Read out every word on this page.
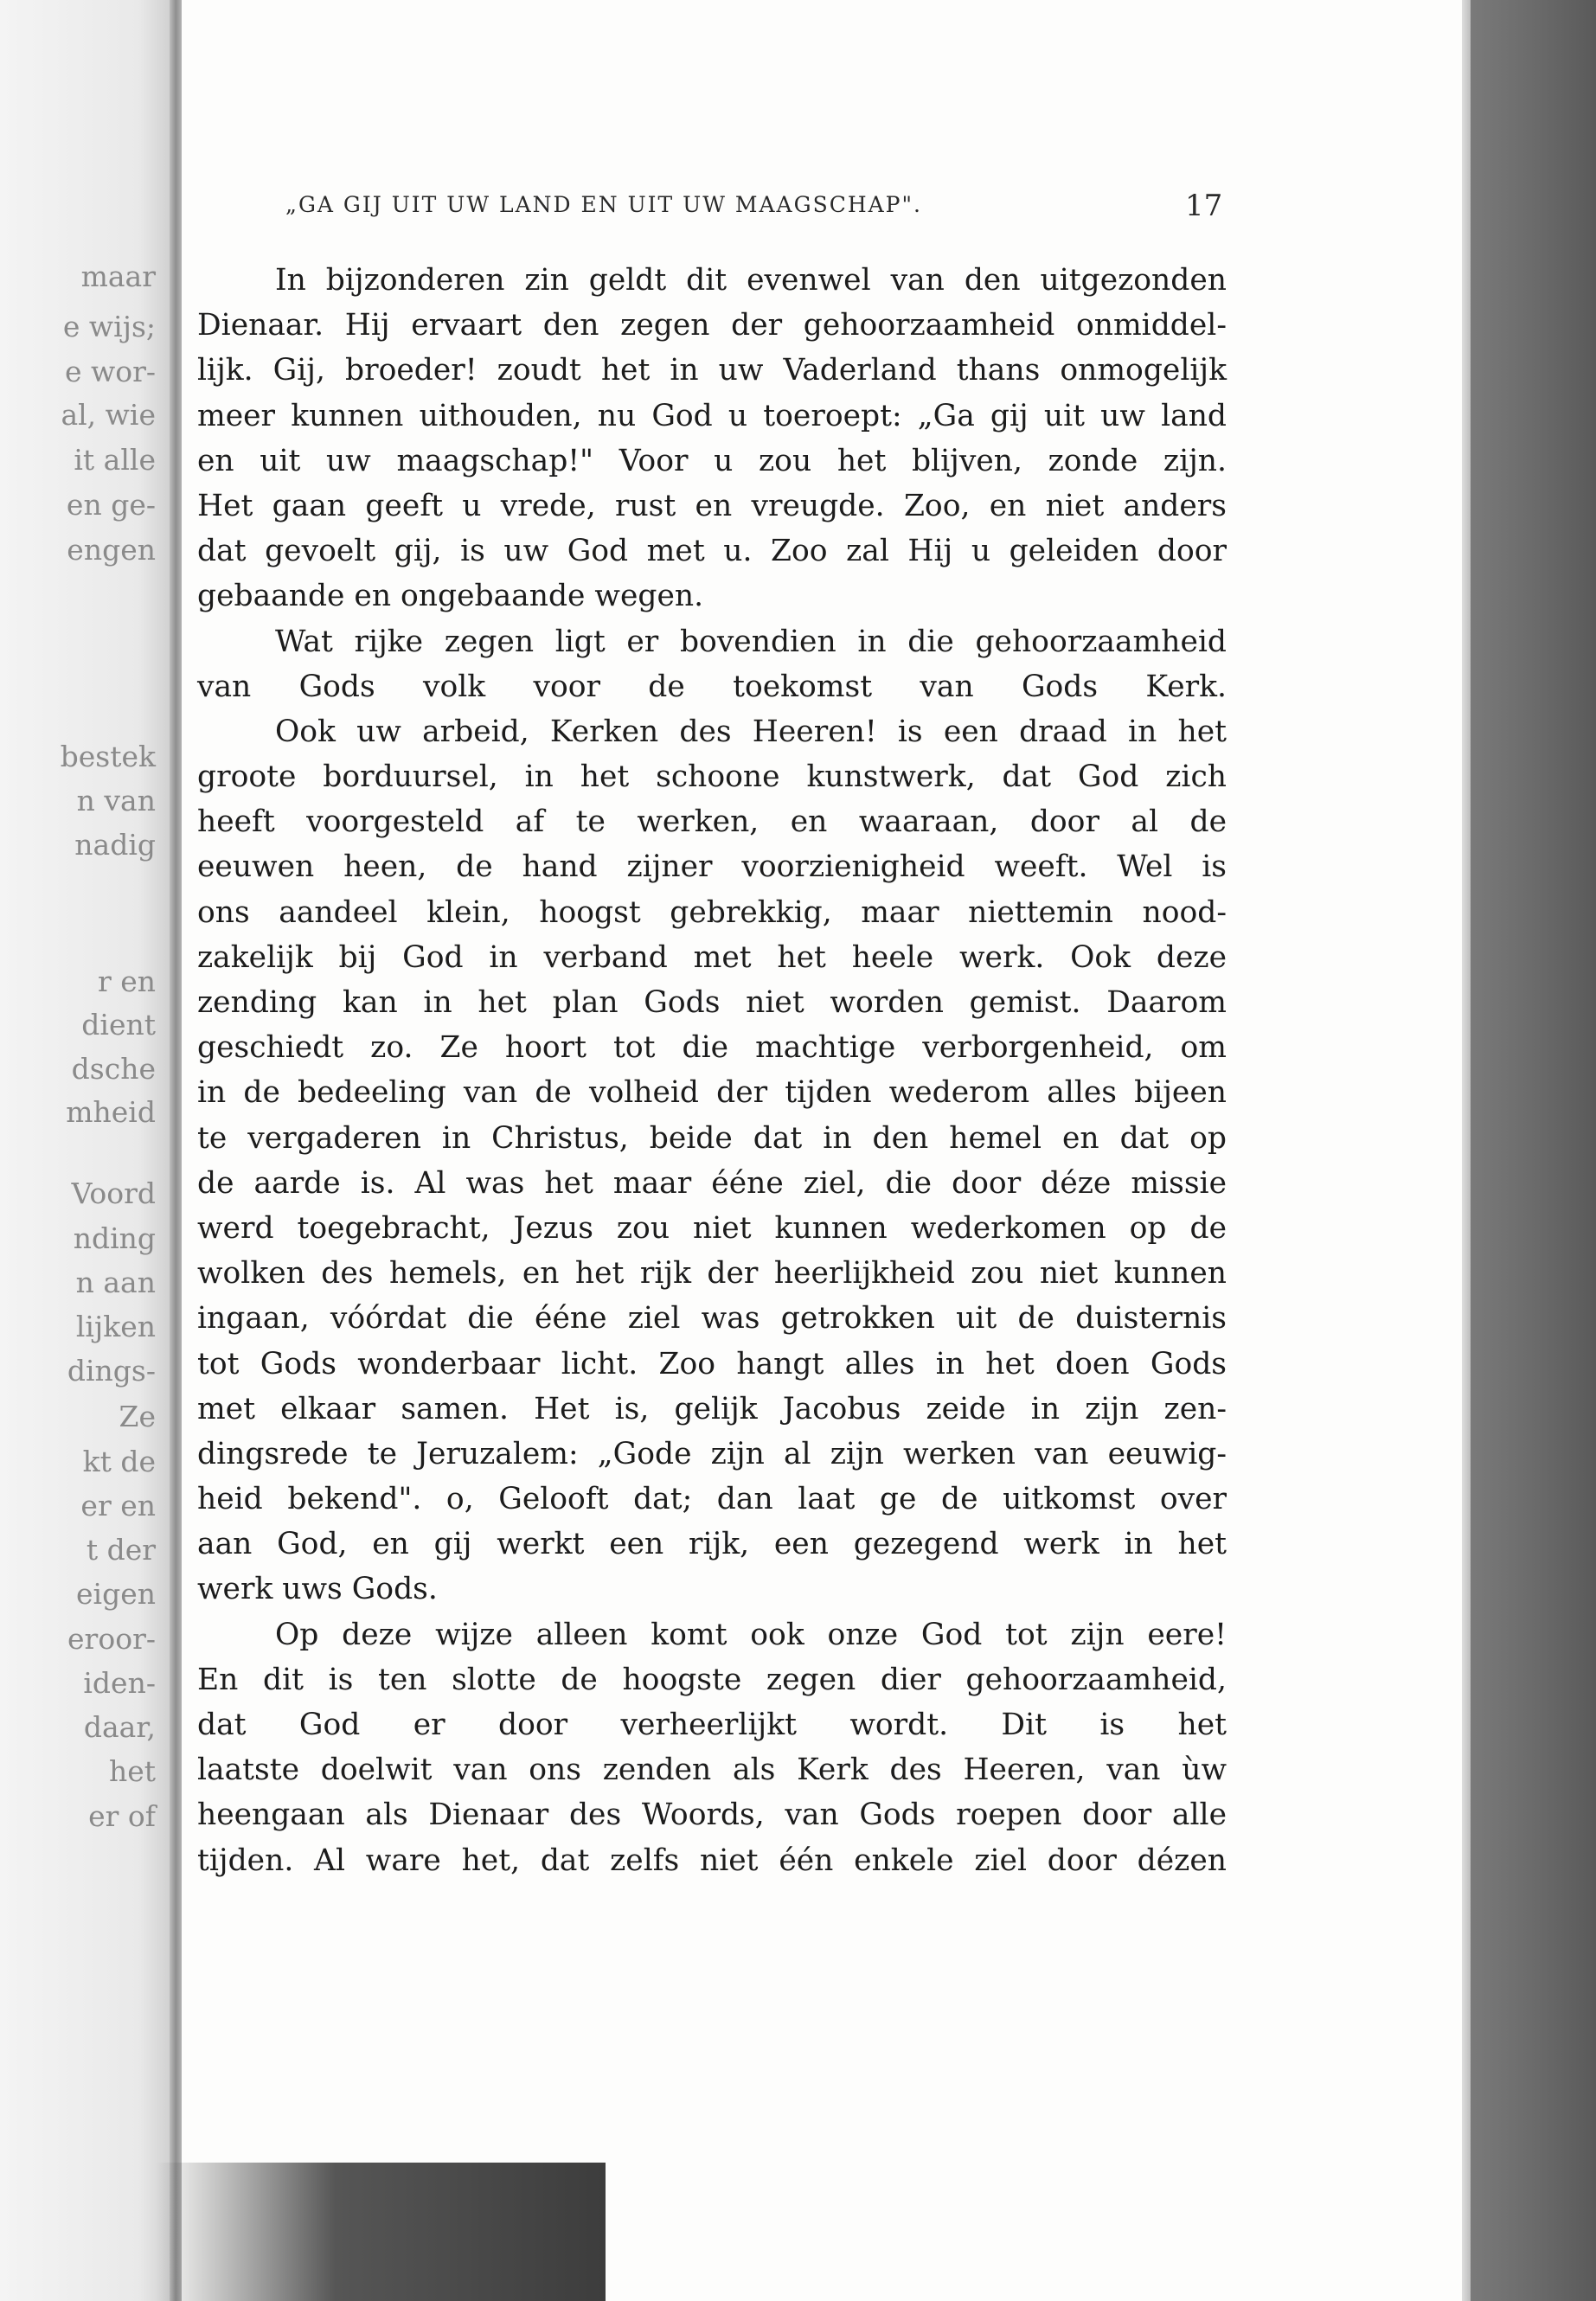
maar
e wijs;
e wor-
al, wie
it alle
en ge-
engen
bestek
n van
nadig
r en
dient
dsche
mheid
Voord
nding
n aan
lijken
dings-
Ze
kt de
er en
t der
eigen
eroor-
iden-
daar,
het
er of
„GA GIJ UIT UW LAND EN UIT UW MAAGSCHAP".	17
In bijzonderen zin geldt dit evenwel van den uitgezonden
Dienaar. Hij ervaart den zegen der gehoorzaamheid onmiddel-
lijk. Gij, broeder! zoudt het in uw Vaderland thans onmogelijk
meer kunnen uithouden, nu God u toeroept: „Ga gij uit uw land
en uit uw maagschap!" Voor u zou het blijven, zonde zijn.
Het gaan geeft u vrede, rust en vreugde. Zoo, en niet anders
dat gevoelt gij, is uw God met u. Zoo zal Hij u geleiden door
gebaande en ongebaande wegen.
Wat rijke zegen ligt er bovendien in die gehoorzaamheid
van Gods volk voor de toekomst van Gods Kerk.
Ook uw arbeid, Kerken des Heeren! is een draad in het
groote borduursel, in het schoone kunstwerk, dat God zich
heeft voorgesteld af te werken, en waaraan, door al de
eeuwen heen, de hand zijner voorzienigheid weeft. Wel is
ons aandeel klein, hoogst gebrekkig, maar niettemin nood-
zakelijk bij God in verband met het heele werk. Ook deze
zending kan in het plan Gods niet worden gemist. Daarom
geschiedt zo. Ze hoort tot die machtige verborgenheid, om
in de bedeeling van de volheid der tijden wederom alles bijeen
te vergaderen in Christus, beide dat in den hemel en dat op
de aarde is. Al was het maar ééne ziel, die door déze missie
werd toegebracht, Jezus zou niet kunnen wederkomen op de
wolken des hemels, en het rijk der heerlijkheid zou niet kunnen
ingaan, vóórdat die ééne ziel was getrokken uit de duisternis
tot Gods wonderbaar licht. Zoo hangt alles in het doen Gods
met elkaar samen. Het is, gelijk Jacobus zeide in zijn zen-
dingsrede te Jeruzalem: „Gode zijn al zijn werken van eeuwig-
heid bekend". o, Gelooft dat; dan laat ge de uitkomst over
aan God, en gij werkt een rijk, een gezegend werk in het
werk uws Gods.
Op deze wijze alleen komt ook onze God tot zijn eere!
En dit is ten slotte de hoogste zegen dier gehoorzaamheid,
dat God er door verheerlijkt wordt. Dit is het
laatste doelwit van ons zenden als Kerk des Heeren, van ùw
heengaan als Dienaar des Woords, van Gods roepen door alle
tijden. Al ware het, dat zelfs niet één enkele ziel door dézen
